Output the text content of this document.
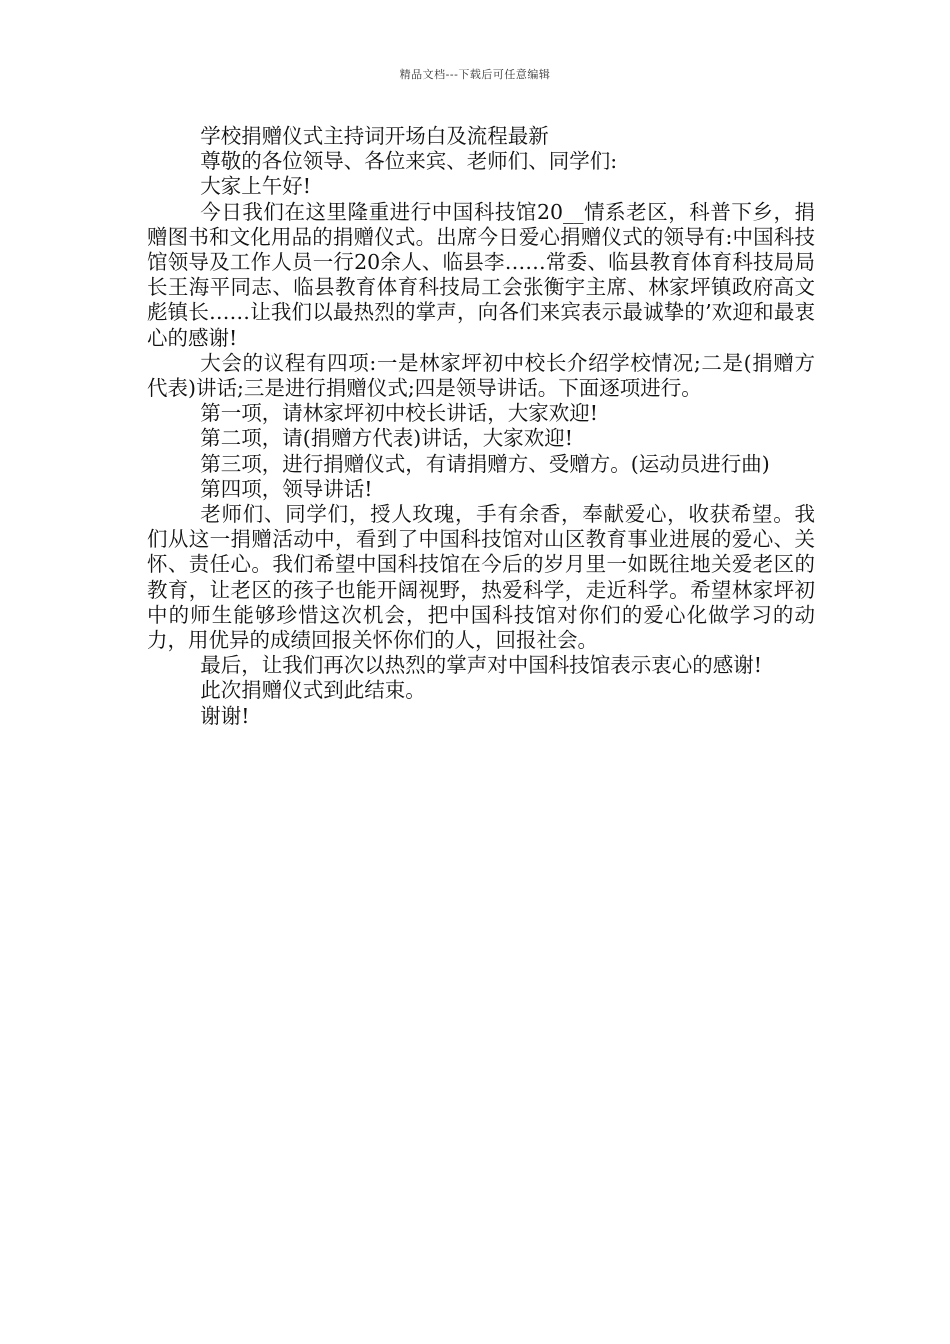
精品文档---下载后可任意编辑

学校捐赠仪式主持词开场白及流程最新

尊敬的各位领导、各位来宾、老师们、同学们:

大家上午好!

今日我们在这里隆重进行中国科技馆20__情系老区，科普下乡，捐赠图书和文化用品的捐赠仪式。出席今日爱心捐赠仪式的领导有:中国科技馆领导及工作人员一行20余人、临县李……常委、临县教育体育科技局局长王海平同志、临县教育体育科技局工会张衡宇主席、林家坪镇政府高文彪镇长……让我们以最热烈的掌声，向各们来宾表示最诚挚的’欢迎和最衷心的感谢!

大会的议程有四项:一是林家坪初中校长介绍学校情况;二是(捐赠方代表)讲话;三是进行捐赠仪式;四是领导讲话。下面逐项进行。

第一项，请林家坪初中校长讲话，大家欢迎!

第二项，请(捐赠方代表)讲话，大家欢迎!

第三项，进行捐赠仪式，有请捐赠方、受赠方。(运动员进行曲)

第四项，领导讲话!

老师们、同学们，授人玫瑰，手有余香，奉献爱心，收获希望。我们从这一捐赠活动中，看到了中国科技馆对山区教育事业进展的爱心、关怀、责任心。我们希望中国科技馆在今后的岁月里一如既往地关爱老区的教育，让老区的孩子也能开阔视野，热爱科学，走近科学。希望林家坪初中的师生能够珍惜这次机会，把中国科技馆对你们的爱心化做学习的动力，用优异的成绩回报关怀你们的人，回报社会。

最后，让我们再次以热烈的掌声对中国科技馆表示衷心的感谢!

此次捐赠仪式到此结束。

谢谢!
